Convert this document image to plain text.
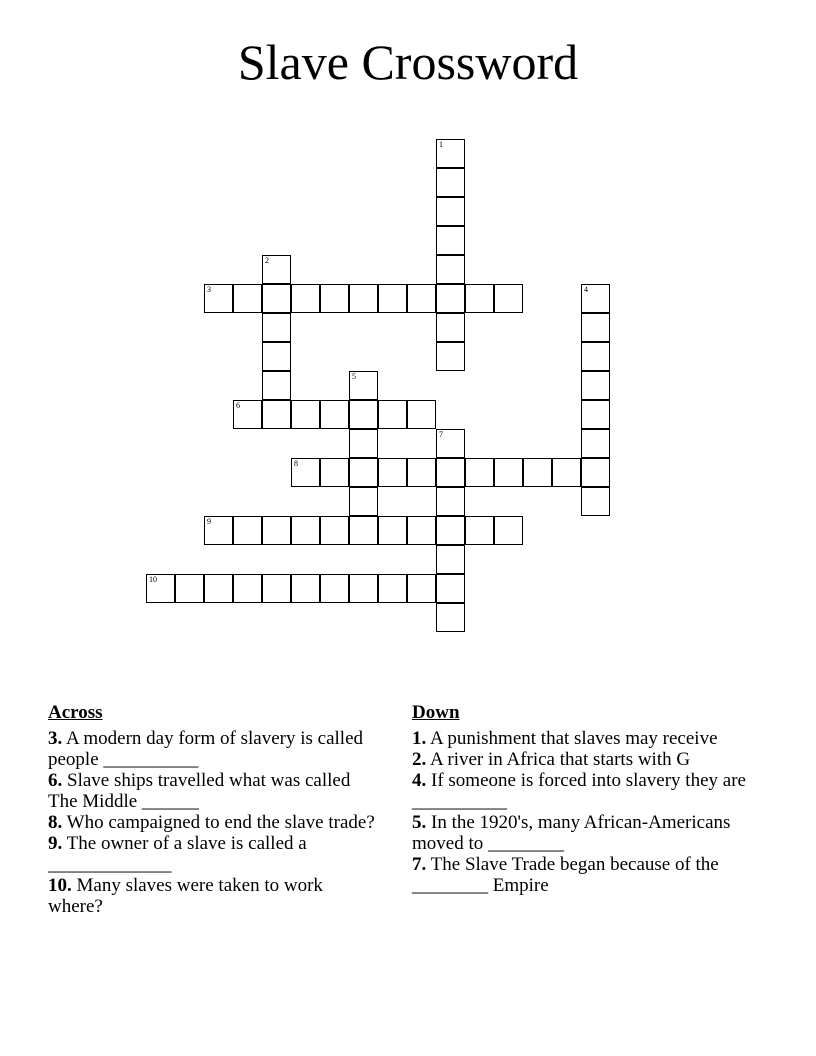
Slave Crossword
1
2
3	4
5
6
7
8
9
10
Across
3. A modern day form of slavery is called people __________
6. Slave ships travelled what was called The Middle ______
8. Who campaigned to end the slave trade?
9. The owner of a slave is called a _____________
10. Many slaves were taken to work where?
Down
1. A punishment that slaves may receive
2. A river in Africa that starts with G
4. If someone is forced into slavery they are __________
5. In the 1920's, many African-Americans moved to ________
7. The Slave Trade began because of the ________ Empire
